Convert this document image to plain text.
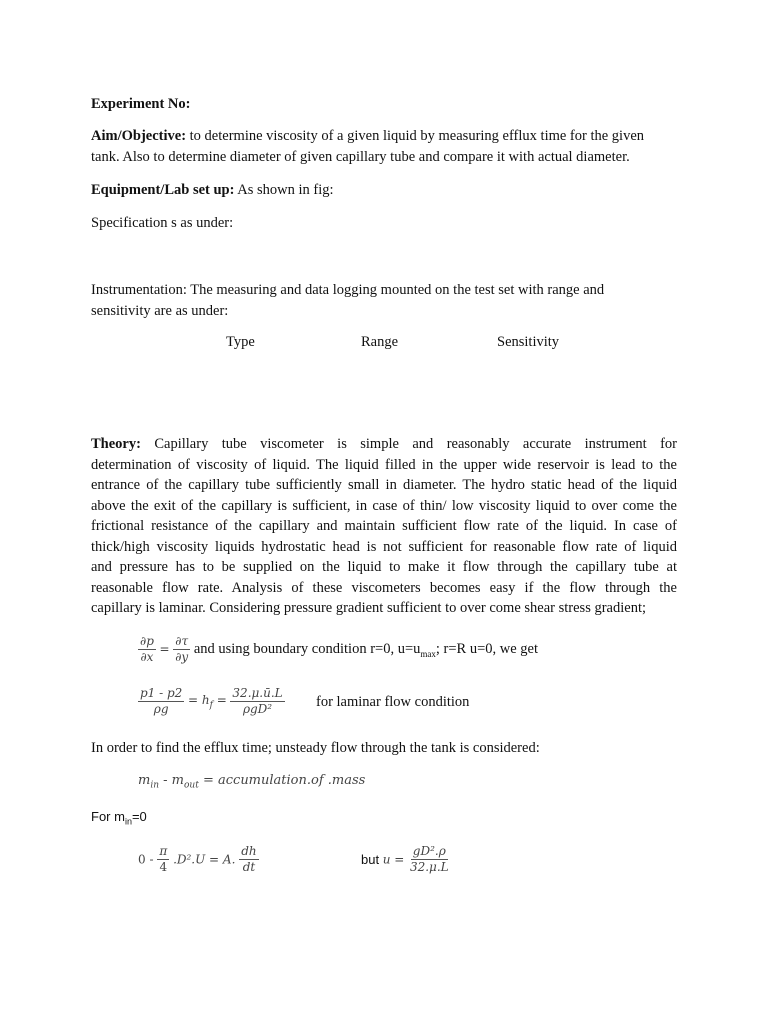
Experiment No:

Aim/Objective: to determine viscosity of a given liquid by measuring efflux time for the given
tank. Also to determine diameter of given capillary tube and compare it with actual diameter.

Equipment/Lab set up: As shown in fig:

Specification s as under:

Instrumentation: The measuring and data logging mounted on the test set with range and
sensitivity are as under:

Type	Range	Sensitivity

Theory: Capillary tube viscometer is simple and reasonably accurate instrument for

determination of viscosity of liquid. The liquid filled in the upper wide reservoir is lead to the

entrance of the capillary tube sufficiently small in diameter. The hydro static head of the liquid

above the exit of the capillary is sufficient, in case of thin/ low viscosity liquid to over come the

frictional resistance of the capillary and maintain sufficient flow rate of the liquid. In case of

thick/high viscosity liquids hydrostatic head is not sufficient for reasonable flow rate of liquid

and pressure has to be supplied on the liquid to make it flow through the capillary tube at

reasonable flow rate. Analysis of these viscometers becomes easy if the flow through the

capillary is laminar. Considering pressure gradient sufficient to over come shear stress gradient;

$\frac{\partial p}{\partial x} = \frac{\partial\tau}{\partial y}$ and using boundary condition r=0, $u=u_{max}$; r=R u=0, we get
$\frac{p1 - p2}{\rho g} = h_f = \frac{32.\mu.ū.L}{\text{ρgD²}}$ for laminar flow condition

In order to find the efflux time; unsteady flow through the tank is considered:

$m_{in} - m_{out}$ = accumulation.of .mass
For $m_{in}=0$
$0 - \frac{\pi}{4} .D^2.U = A$. $\frac{dh}{dt}$	but $u = \frac{\text{gD².ρ}}{32.\mu.L}$
